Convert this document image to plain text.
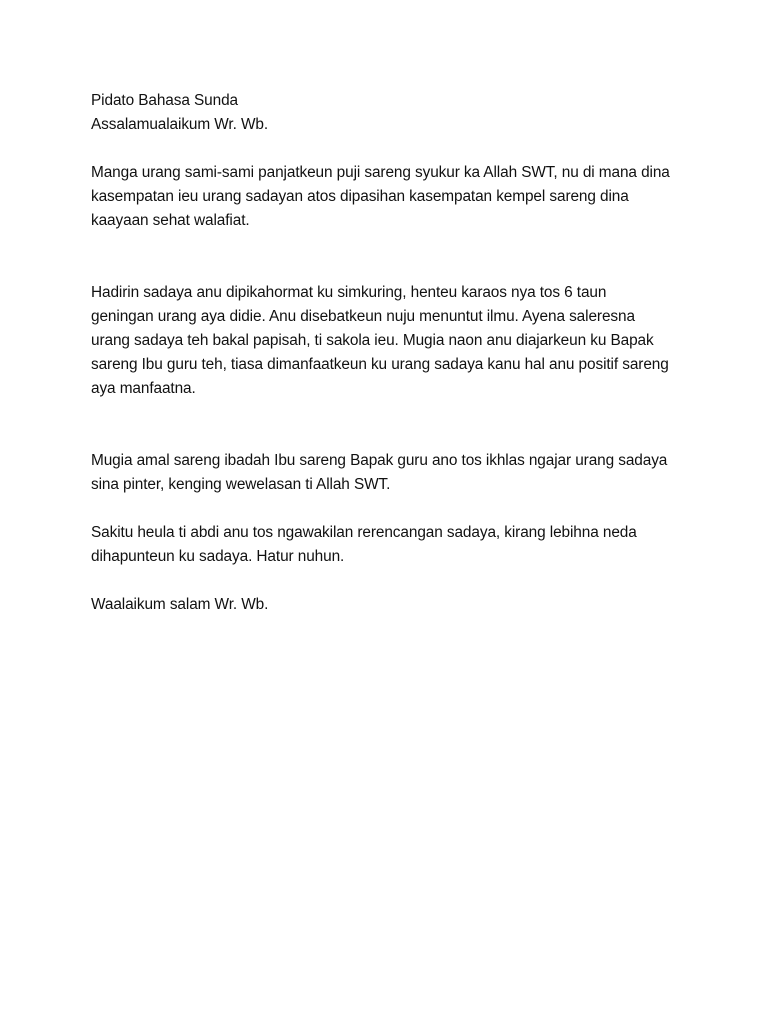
Pidato Bahasa Sunda
Assalamualaikum Wr. Wb.

Manga urang sami-sami panjatkeun puji sareng syukur ka Allah SWT, nu di mana dina
kasempatan ieu urang sadayan atos dipasihan kasempatan kempel sareng dina
kaayaan sehat walafiat.

Hadirin sadaya anu dipikahormat ku simkuring, henteu karaos nya tos 6 taun
geningan urang aya didie. Anu disebatkeun nuju menuntut ilmu. Ayena saleresna
urang sadaya teh bakal papisah, ti sakola ieu. Mugia naon anu diajarkeun ku Bapak
sareng Ibu guru teh, tiasa dimanfaatkeun ku urang sadaya kanu hal anu positif sareng
aya manfaatna.

Mugia amal sareng ibadah Ibu sareng Bapak guru ano tos ikhlas ngajar urang sadaya
sina pinter, kenging wewelasan ti Allah SWT.

Sakitu heula ti abdi anu tos ngawakilan rerencangan sadaya, kirang lebihna neda
dihapunteun ku sadaya. Hatur nuhun.

Waalaikum salam Wr. Wb.
